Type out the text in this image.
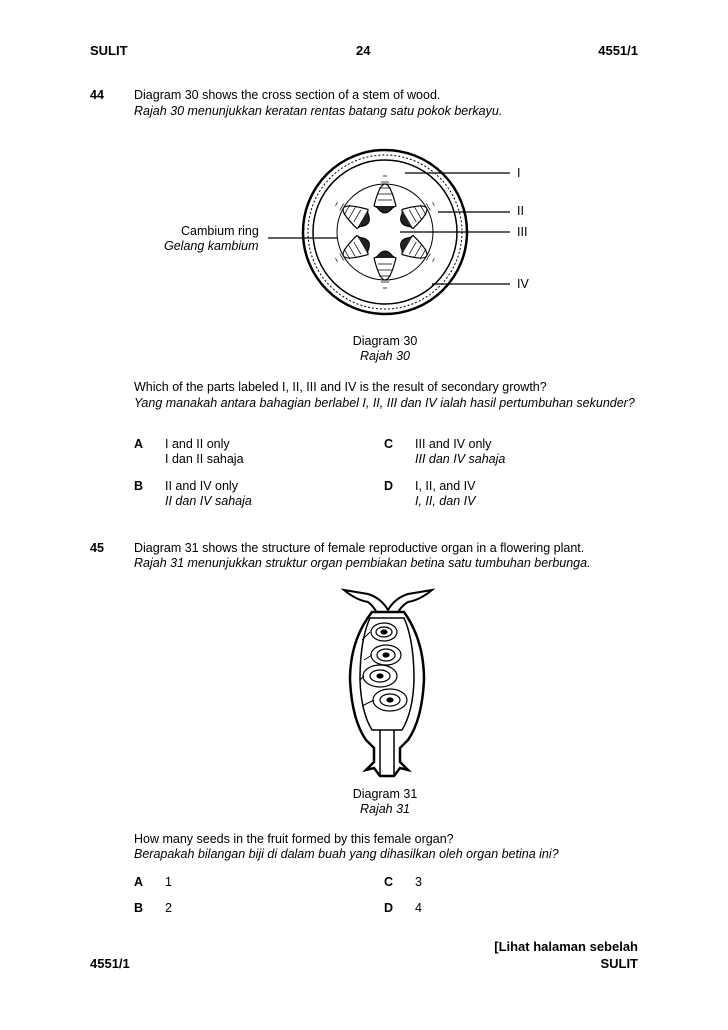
SULIT	24	4551/1
44 Diagram 30 shows the cross section of a stem of wood.
Rajah 30 menunjukkan keratan rentas batang satu pokok berkayu.
I
II
III
IV
Cambium ring
Gelang kambium
Diagram 30
Rajah 30
Which of the parts labeled I, II, III and IV is the result of secondary growth?
Yang manakah antara bahagian berlabel I, II, III dan IV ialah hasil pertumbuhan sekunder?
A I and II only
I dan II sahaja
B II and IV only
II dan IV sahaja
C III and IV only
III dan IV sahaja
D I, II, and IV
I, II, dan IV
45 Diagram 31 shows the structure of female reproductive organ in a flowering plant.
Rajah 31 menunjukkan struktur organ pembiakan betina satu tumbuhan berbunga.
Diagram 31
Rajah 31
How many seeds in the fruit formed by this female organ?
Berapakah bilangan biji di dalam buah yang dihasilkan oleh organ betina ini?
A 1
B 2
C 3
D 4
[Lihat halaman sebelah
4551/1	SULIT
